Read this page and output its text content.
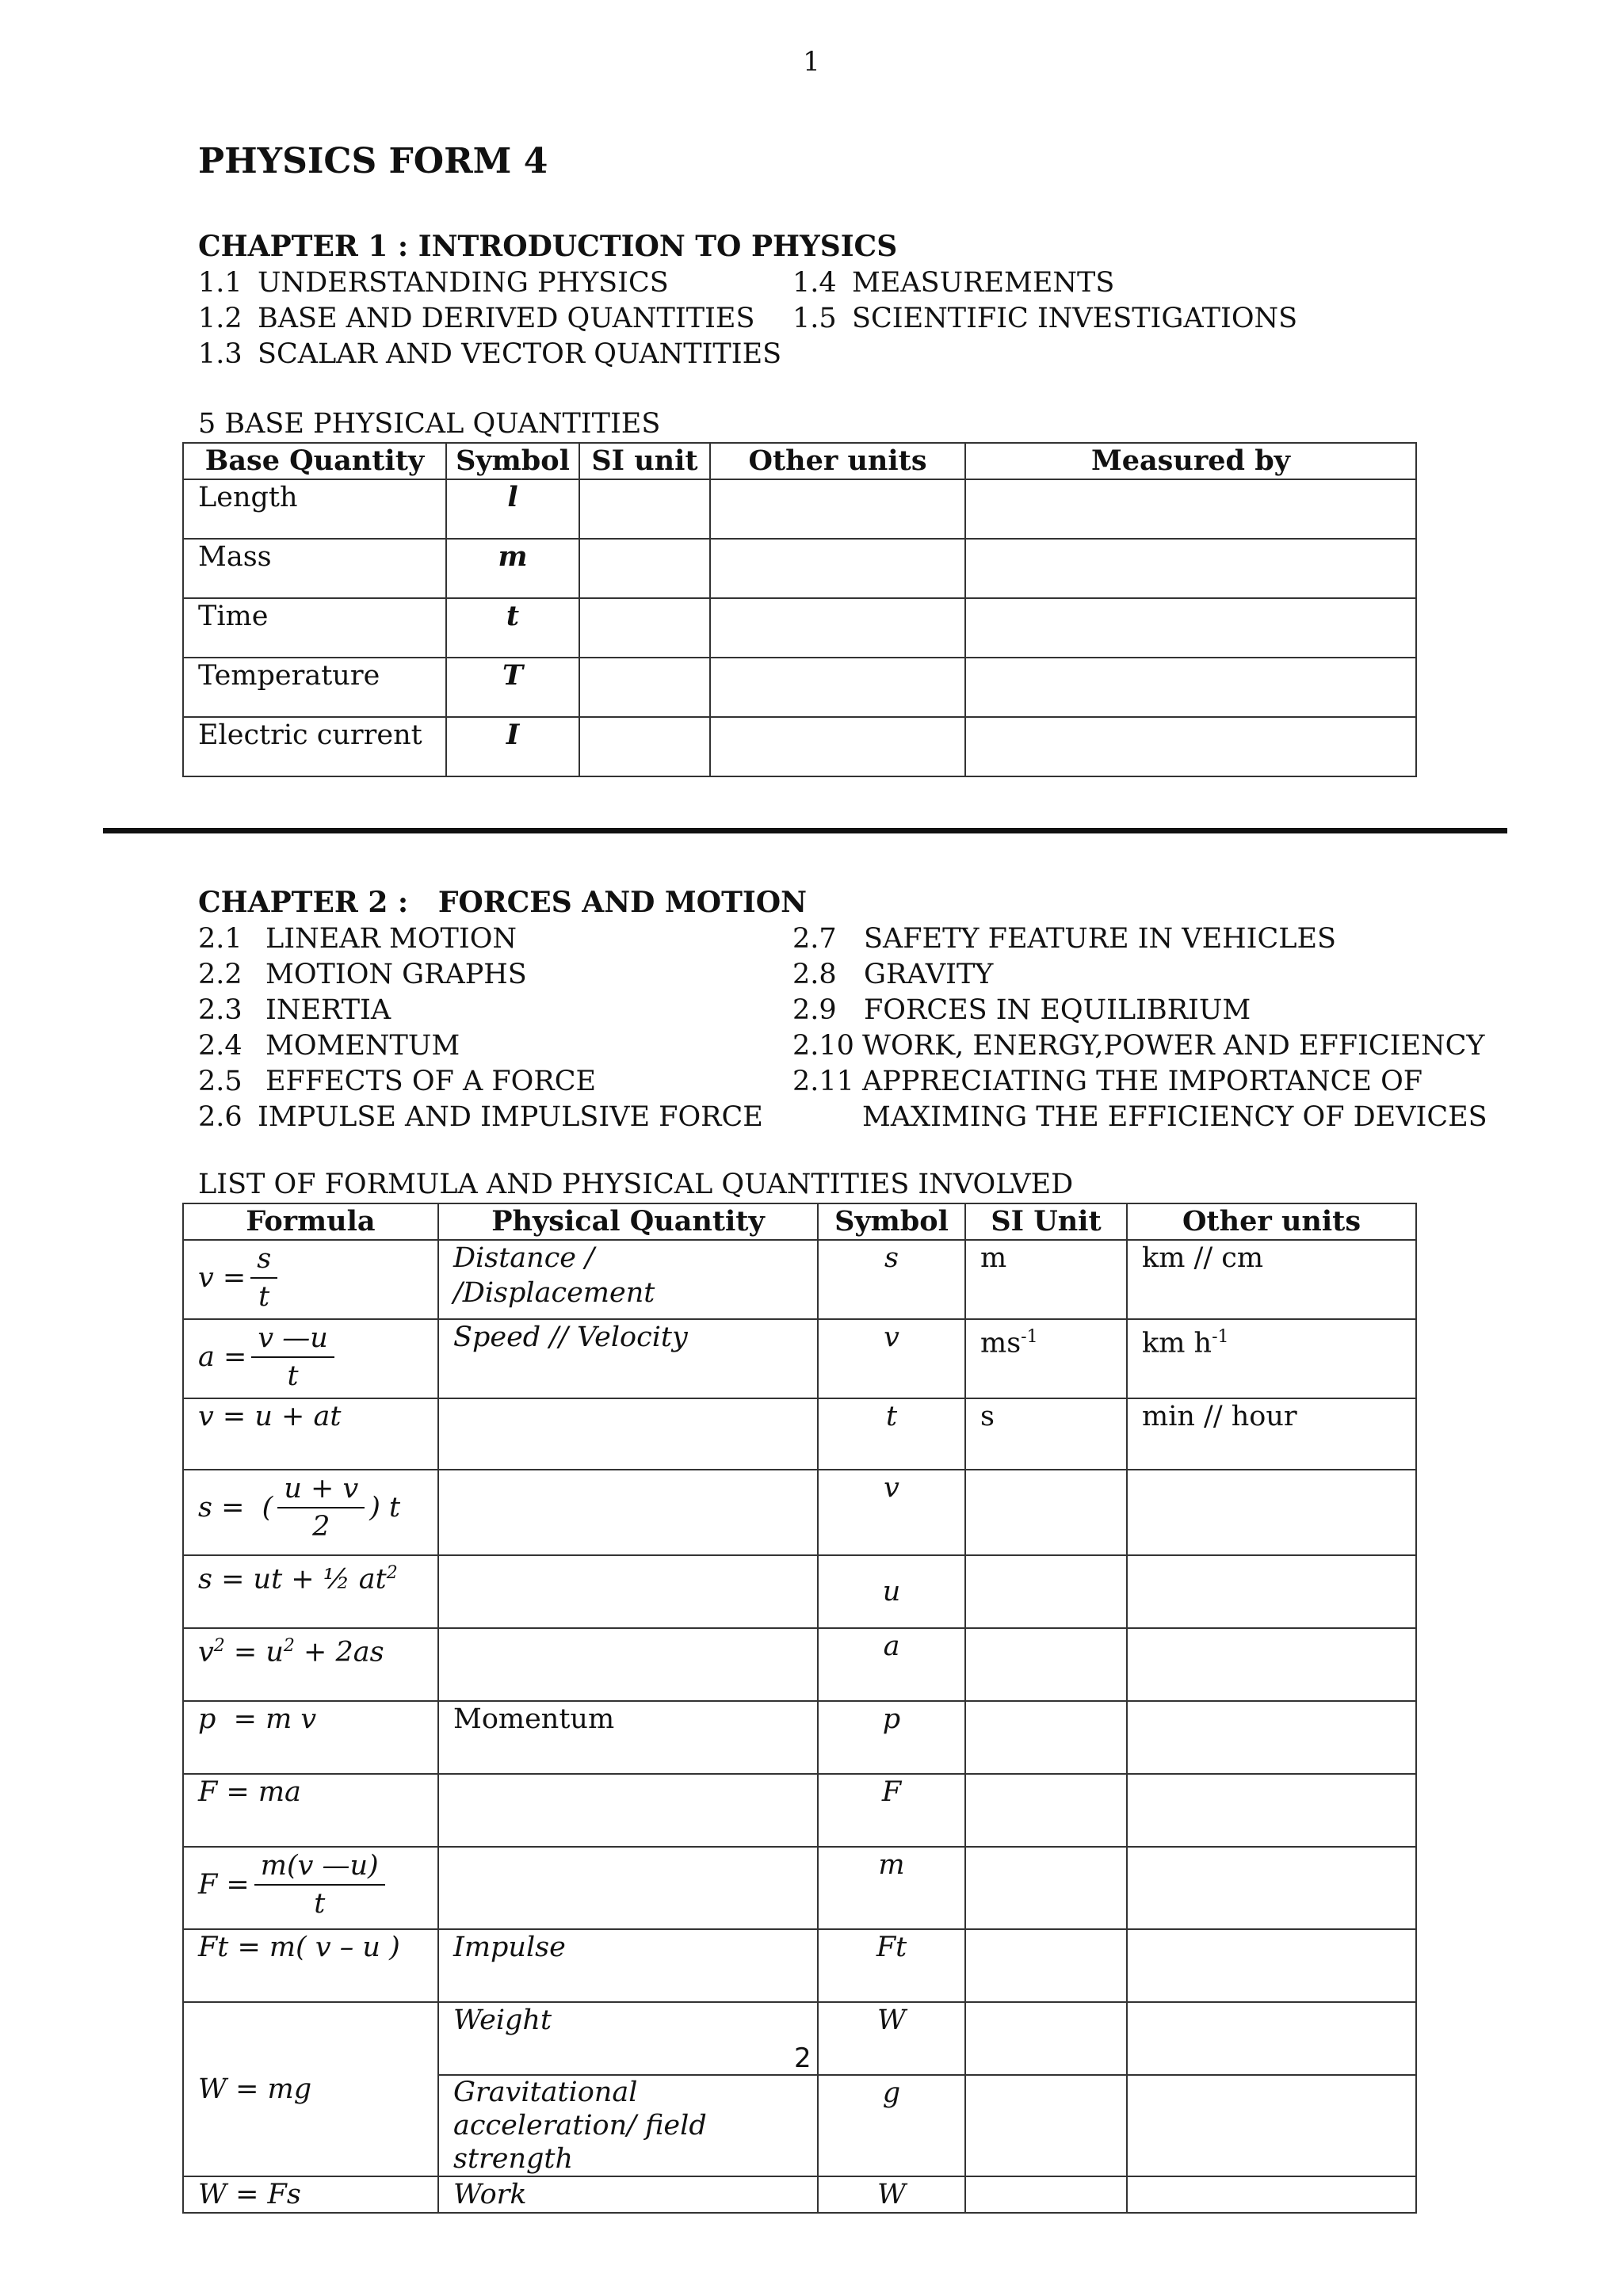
1
PHYSICS FORM 4
CHAPTER 1 : INTRODUCTION TO PHYSICS
1.1 UNDERSTANDING PHYSICS
1.2 BASE AND DERIVED QUANTITIES
1.3 SCALAR AND VECTOR QUANTITIES
1.4 MEASUREMENTS
1.5 SCIENTIFIC INVESTIGATIONS
5 BASE PHYSICAL QUANTITIES
Base Quantity	Symbol	SI unit	Other units	Measured by
Length	l			
Mass	m			
Time	t			
Temperature	T			
Electric current	I			
CHAPTER 2 :   FORCES AND MOTION
2.1 LINEAR MOTION
2.2 MOTION GRAPHS
2.3 INERTIA
2.4 MOMENTUM
2.5 EFFECTS OF A FORCE
2.6 IMPULSE AND IMPULSIVE FORCE
2.7 SAFETY FEATURE IN VEHICLES
2.8 GRAVITY
2.9 FORCES IN EQUILIBRIUM
2.10 WORK, ENERGY,POWER AND EFFICIENCY
2.11 APPRECIATING THE IMPORTANCE OF
MAXIMING THE EFFICIENCY OF DEVICES
LIST OF FORMULA AND PHYSICAL QUANTITIES INVOLVED
Formula	Physical Quantity	Symbol	SI Unit	Other units

$v = \frac{s}{t}$	Distance / /Displacement	s	m	km // cm

$a = \frac{v —u}{t}$	Speed // Velocity	v	$ms^{-1}$	km $h^{-1}$
v = u + at		t	s	min // hour

s =  ( $\frac{u + v}{2}$ ) t		v		
s = ut + ½ $at^2$		u		
$v^2 = u^2 + 2as$		a		
p  = m v	Momentum	p		
F = ma		F		

$F = \frac{m(v —u)}{t}$		m		
Ft = m( v – u )	Impulse	Ft		
W = mg	Weight	W		
	Gravitational acceleration/ field strength	g		
W = Fs	Work	W		
2
